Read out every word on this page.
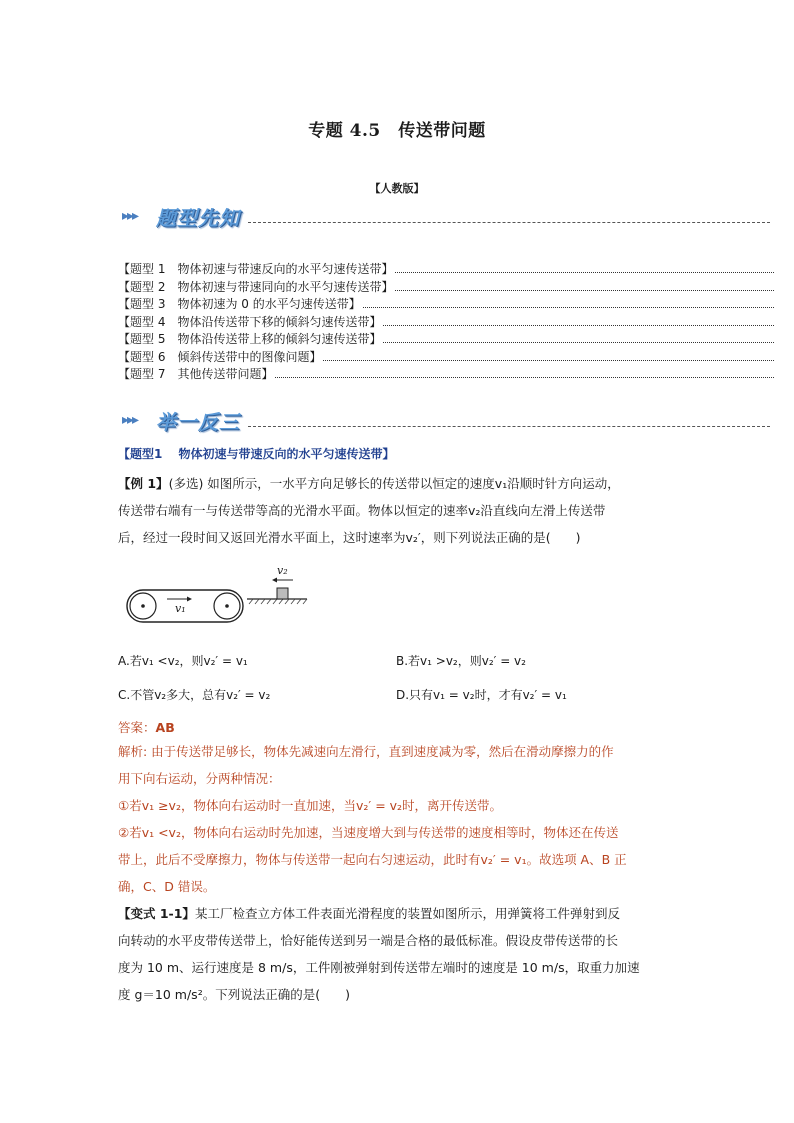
专题 4.5　传送带问题
【人教版】
▸▸▸ 题型先知
【题型 1　物体初速与带速反向的水平匀速传送带】
【题型 2　物体初速与带速同向的水平匀速传送带】
【题型 3　物体初速为 0 的水平匀速传送带】
【题型 4　物体沿传送带下移的倾斜匀速传送带】
【题型 5　物体沿传送带上移的倾斜匀速传送带】
【题型 6　倾斜传送带中的图像问题】
【题型 7　其他传送带问题】
▸▸▸ 举一反三
【题型1　 物体初速与带速反向的水平匀速传送带】
【例 1】(多选) 如图所示，一水平方向足够长的传送带以恒定的速度v₁沿顺时针方向运动，
传送带右端有一与传送带等高的光滑水平面。物体以恒定的速率v₂沿直线向左滑上传送带
后，经过一段时间又返回光滑水平面上，这时速率为v₂′，则下列说法正确的是(　　)
v₁
v₂
A.若v₁ <v₂，则v₂′ = v₁	B.若v₁ >v₂，则v₂′ = v₂
C.不管v₂多大，总有v₂′ = v₂	D.只有v₁ = v₂时，才有v₂′ = v₁
答案：AB
解析: 由于传送带足够长，物体先减速向左滑行，直到速度减为零，然后在滑动摩擦力的作
用下向右运动，分两种情况：
①若v₁ ≥v₂，物体向右运动时一直加速，当v₂′ = v₂时，离开传送带。
②若v₁ <v₂，物体向右运动时先加速，当速度增大到与传送带的速度相等时，物体还在传送
带上，此后不受摩擦力，物体与传送带一起向右匀速运动，此时有v₂′ = v₁。故选项 A、B 正
确，C、D 错误。
【变式 1-1】某工厂检查立方体工件表面光滑程度的装置如图所示，用弹簧将工件弹射到反
向转动的水平皮带传送带上，恰好能传送到另一端是合格的最低标准。假设皮带传送带的长
度为 10 m、运行速度是 8 m/s，工件刚被弹射到传送带左端时的速度是 10 m/s，取重力加速
度 g＝10 m/s²。下列说法正确的是(　　)
